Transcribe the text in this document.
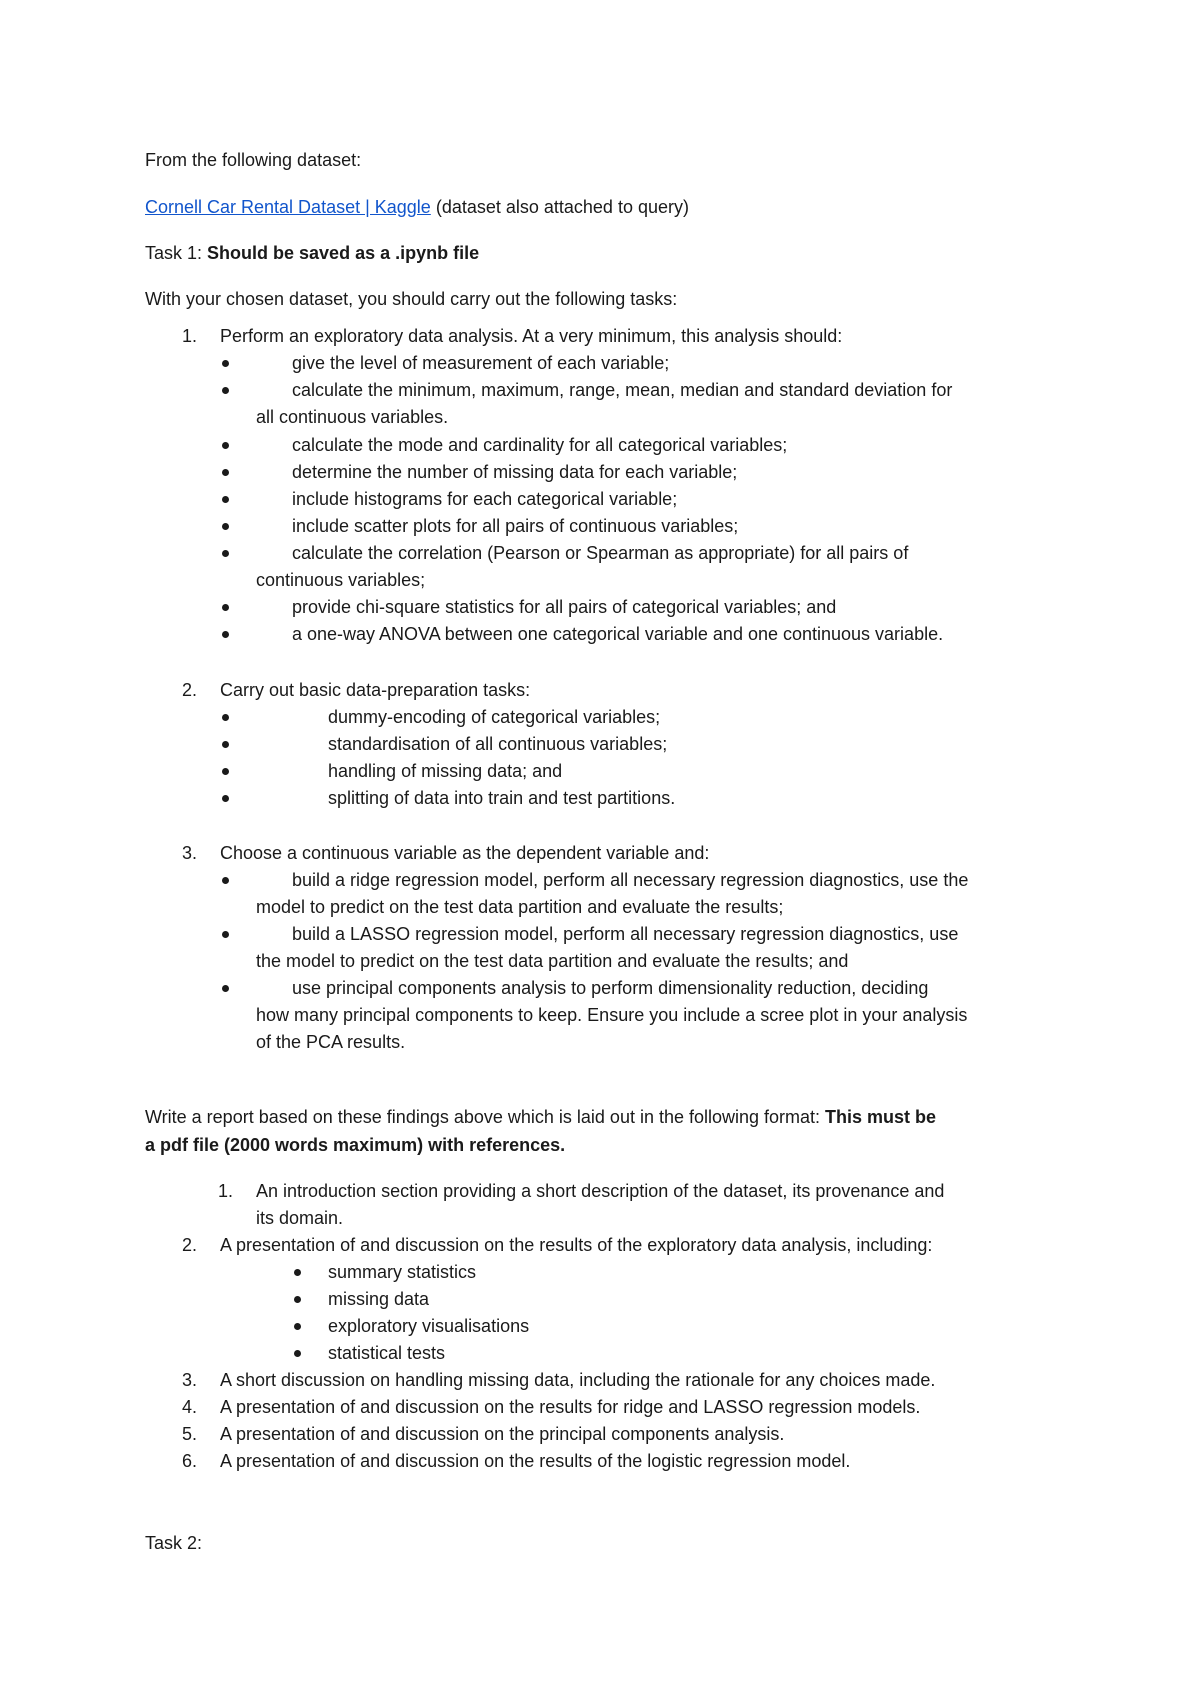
From the following dataset:
Cornell Car Rental Dataset | Kaggle (dataset also attached to query)
Task 1: Should be saved as a .ipynb file
With your chosen dataset, you should carry out the following tasks:
1. Perform an exploratory data analysis. At a very minimum, this analysis should:
give the level of measurement of each variable;
calculate the minimum, maximum, range, mean, median and standard deviation for
all continuous variables.
calculate the mode and cardinality for all categorical variables;
determine the number of missing data for each variable;
include histograms for each categorical variable;
include scatter plots for all pairs of continuous variables;
calculate the correlation (Pearson or Spearman as appropriate) for all pairs of
continuous variables;
provide chi-square statistics for all pairs of categorical variables; and
a one-way ANOVA between one categorical variable and one continuous variable.
2. Carry out basic data-preparation tasks:
dummy-encoding of categorical variables;
standardisation of all continuous variables;
handling of missing data; and
splitting of data into train and test partitions.
3. Choose a continuous variable as the dependent variable and:
build a ridge regression model, perform all necessary regression diagnostics, use the
model to predict on the test data partition and evaluate the results;
build a LASSO regression model, perform all necessary regression diagnostics, use
the model to predict on the test data partition and evaluate the results; and
use principal components analysis to perform dimensionality reduction, deciding
how many principal components to keep. Ensure you include a scree plot in your analysis
of the PCA results.
Write a report based on these findings above which is laid out in the following format: This must be
a pdf file (2000 words maximum) with references.
1. An introduction section providing a short description of the dataset, its provenance and
its domain.
2. A presentation of and discussion on the results of the exploratory data analysis, including:
summary statistics
missing data
exploratory visualisations
statistical tests
3. A short discussion on handling missing data, including the rationale for any choices made.
4. A presentation of and discussion on the results for ridge and LASSO regression models.
5. A presentation of and discussion on the principal components analysis.
6. A presentation of and discussion on the results of the logistic regression model.
Task 2:
